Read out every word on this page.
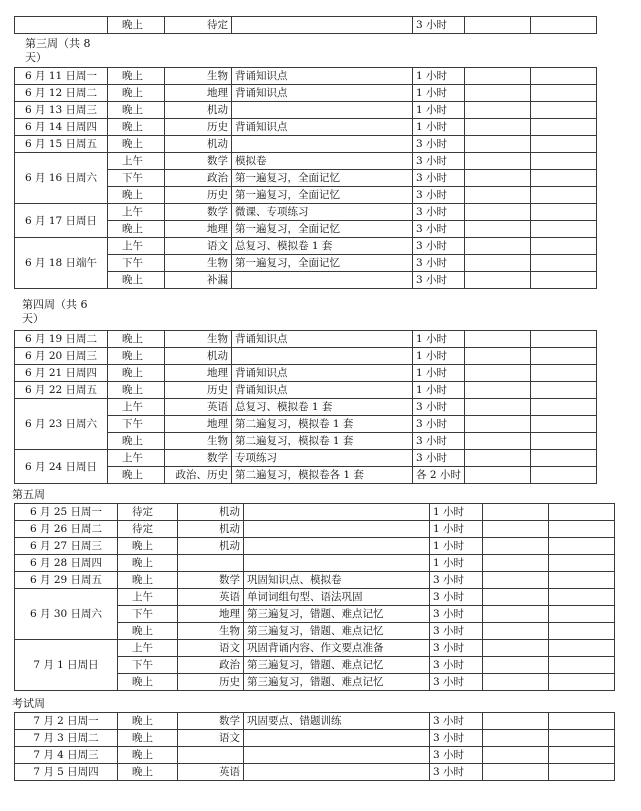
	晚上	待定		3 小时		
第三周（共 8
天）
6 月 11 日周一	晚上	生物	背诵知识点	1 小时		
6 月 12 日周二	晚上	地理	背诵知识点	1 小时		
6 月 13 日周三	晚上	机动		1 小时		
6 月 14 日周四	晚上	历史	背诵知识点	1 小时		
6 月 15 日周五	晚上	机动		3 小时		
6 月 16 日周六	上午	数学	模拟卷	3 小时		
	下午	政治	第一遍复习，全面记忆	3 小时		
	晚上	历史	第一遍复习，全面记忆	3 小时		
6 月 17 日周日	上午	数学	微课、专项练习	3 小时		
	晚上	地理	第一遍复习，全面记忆	3 小时		
6 月 18 日端午	上午	语文	总复习、模拟卷 1 套	3 小时		
	下午	生物	第一遍复习，全面记忆	3 小时		
	晚上	补漏		3 小时		
第四周（共 6
天）
6 月 19 日周二	晚上	生物	背诵知识点	1 小时		
6 月 20 日周三	晚上	机动		1 小时		
6 月 21 日周四	晚上	地理	背诵知识点	1 小时		
6 月 22 日周五	晚上	历史	背诵知识点	1 小时		
6 月 23 日周六	上午	英语	总复习、模拟卷 1 套	3 小时		
	下午	地理	第二遍复习，模拟卷 1 套	3 小时		
	晚上	生物	第二遍复习，模拟卷 1 套	3 小时		
6 月 24 日周日	上午	数学	专项练习	3 小时		
	晚上	政治、历史	第二遍复习，模拟卷各 1 套	各 2 小时		
第五周
6 月 25 日周一	待定	机动		1 小时		
6 月 26 日周二	待定	机动		1 小时		
6 月 27 日周三	晚上	机动		1 小时		
6 月 28 日周四	晚上			1 小时		
6 月 29 日周五	晚上	数学	巩固知识点、模拟卷	3 小时		
6 月 30 日周六	上午	英语	单词词组句型、语法巩固	3 小时		
	下午	地理	第三遍复习，错题、难点记忆	3 小时		
	晚上	生物	第三遍复习，错题、难点记忆	3 小时		
7 月 1 日周日	上午	语文	巩固背诵内容、作文要点准备	3 小时		
	下午	政治	第三遍复习，错题、难点记忆	3 小时		
	晚上	历史	第三遍复习，错题、难点记忆	3 小时		
考试周
7 月 2 日周一	晚上	数学	巩固要点、错题训练	3 小时		
7 月 3 日周二	晚上	语文		3 小时		
7 月 4 日周三	晚上			3 小时		
7 月 5 日周四	晚上	英语		3 小时		
